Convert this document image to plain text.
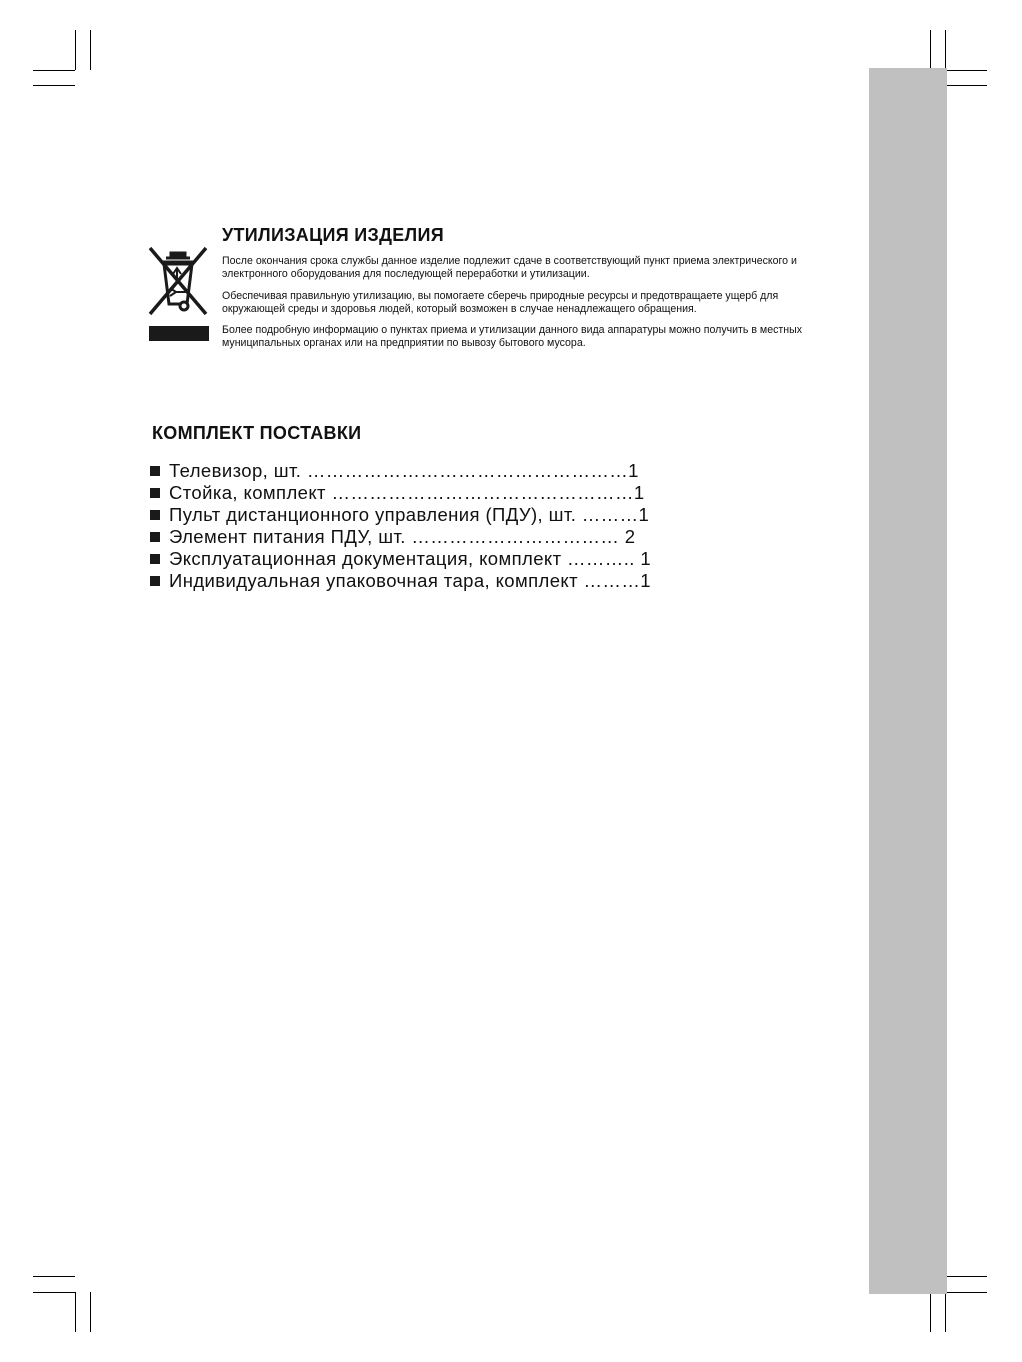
УТИЛИЗАЦИЯ ИЗДЕЛИЯ

После окончания срока службы данное изделие подлежит сдаче в соответствующий пункт приема электрического и электронного оборудования для последующей переработки и утилизации.

Обеспечивая правильную утилизацию, вы помогаете сберечь природные ресурсы и предотвращаете ущерб для окружающей среды и здоровья людей, который возможен в случае ненадлежащего обращения.

Более подробную информацию о пунктах приема и утилизации данного вида аппаратуры можно получить в местных муниципальных органах или на предприятии по вывозу бытового мусора.

КОМПЛЕКТ ПОСТАВКИ
Телевизор, шт. ……………………………………………1
Стойка, комплект …………………………………………1
Пульт дистанционного управления (ПДУ), шт. ………1
Элемент питания ПДУ, шт. …………………………… 2
Эксплуатационная документация, комплект ……….. 1
Индивидуальная упаковочная тара, комплект ………1
